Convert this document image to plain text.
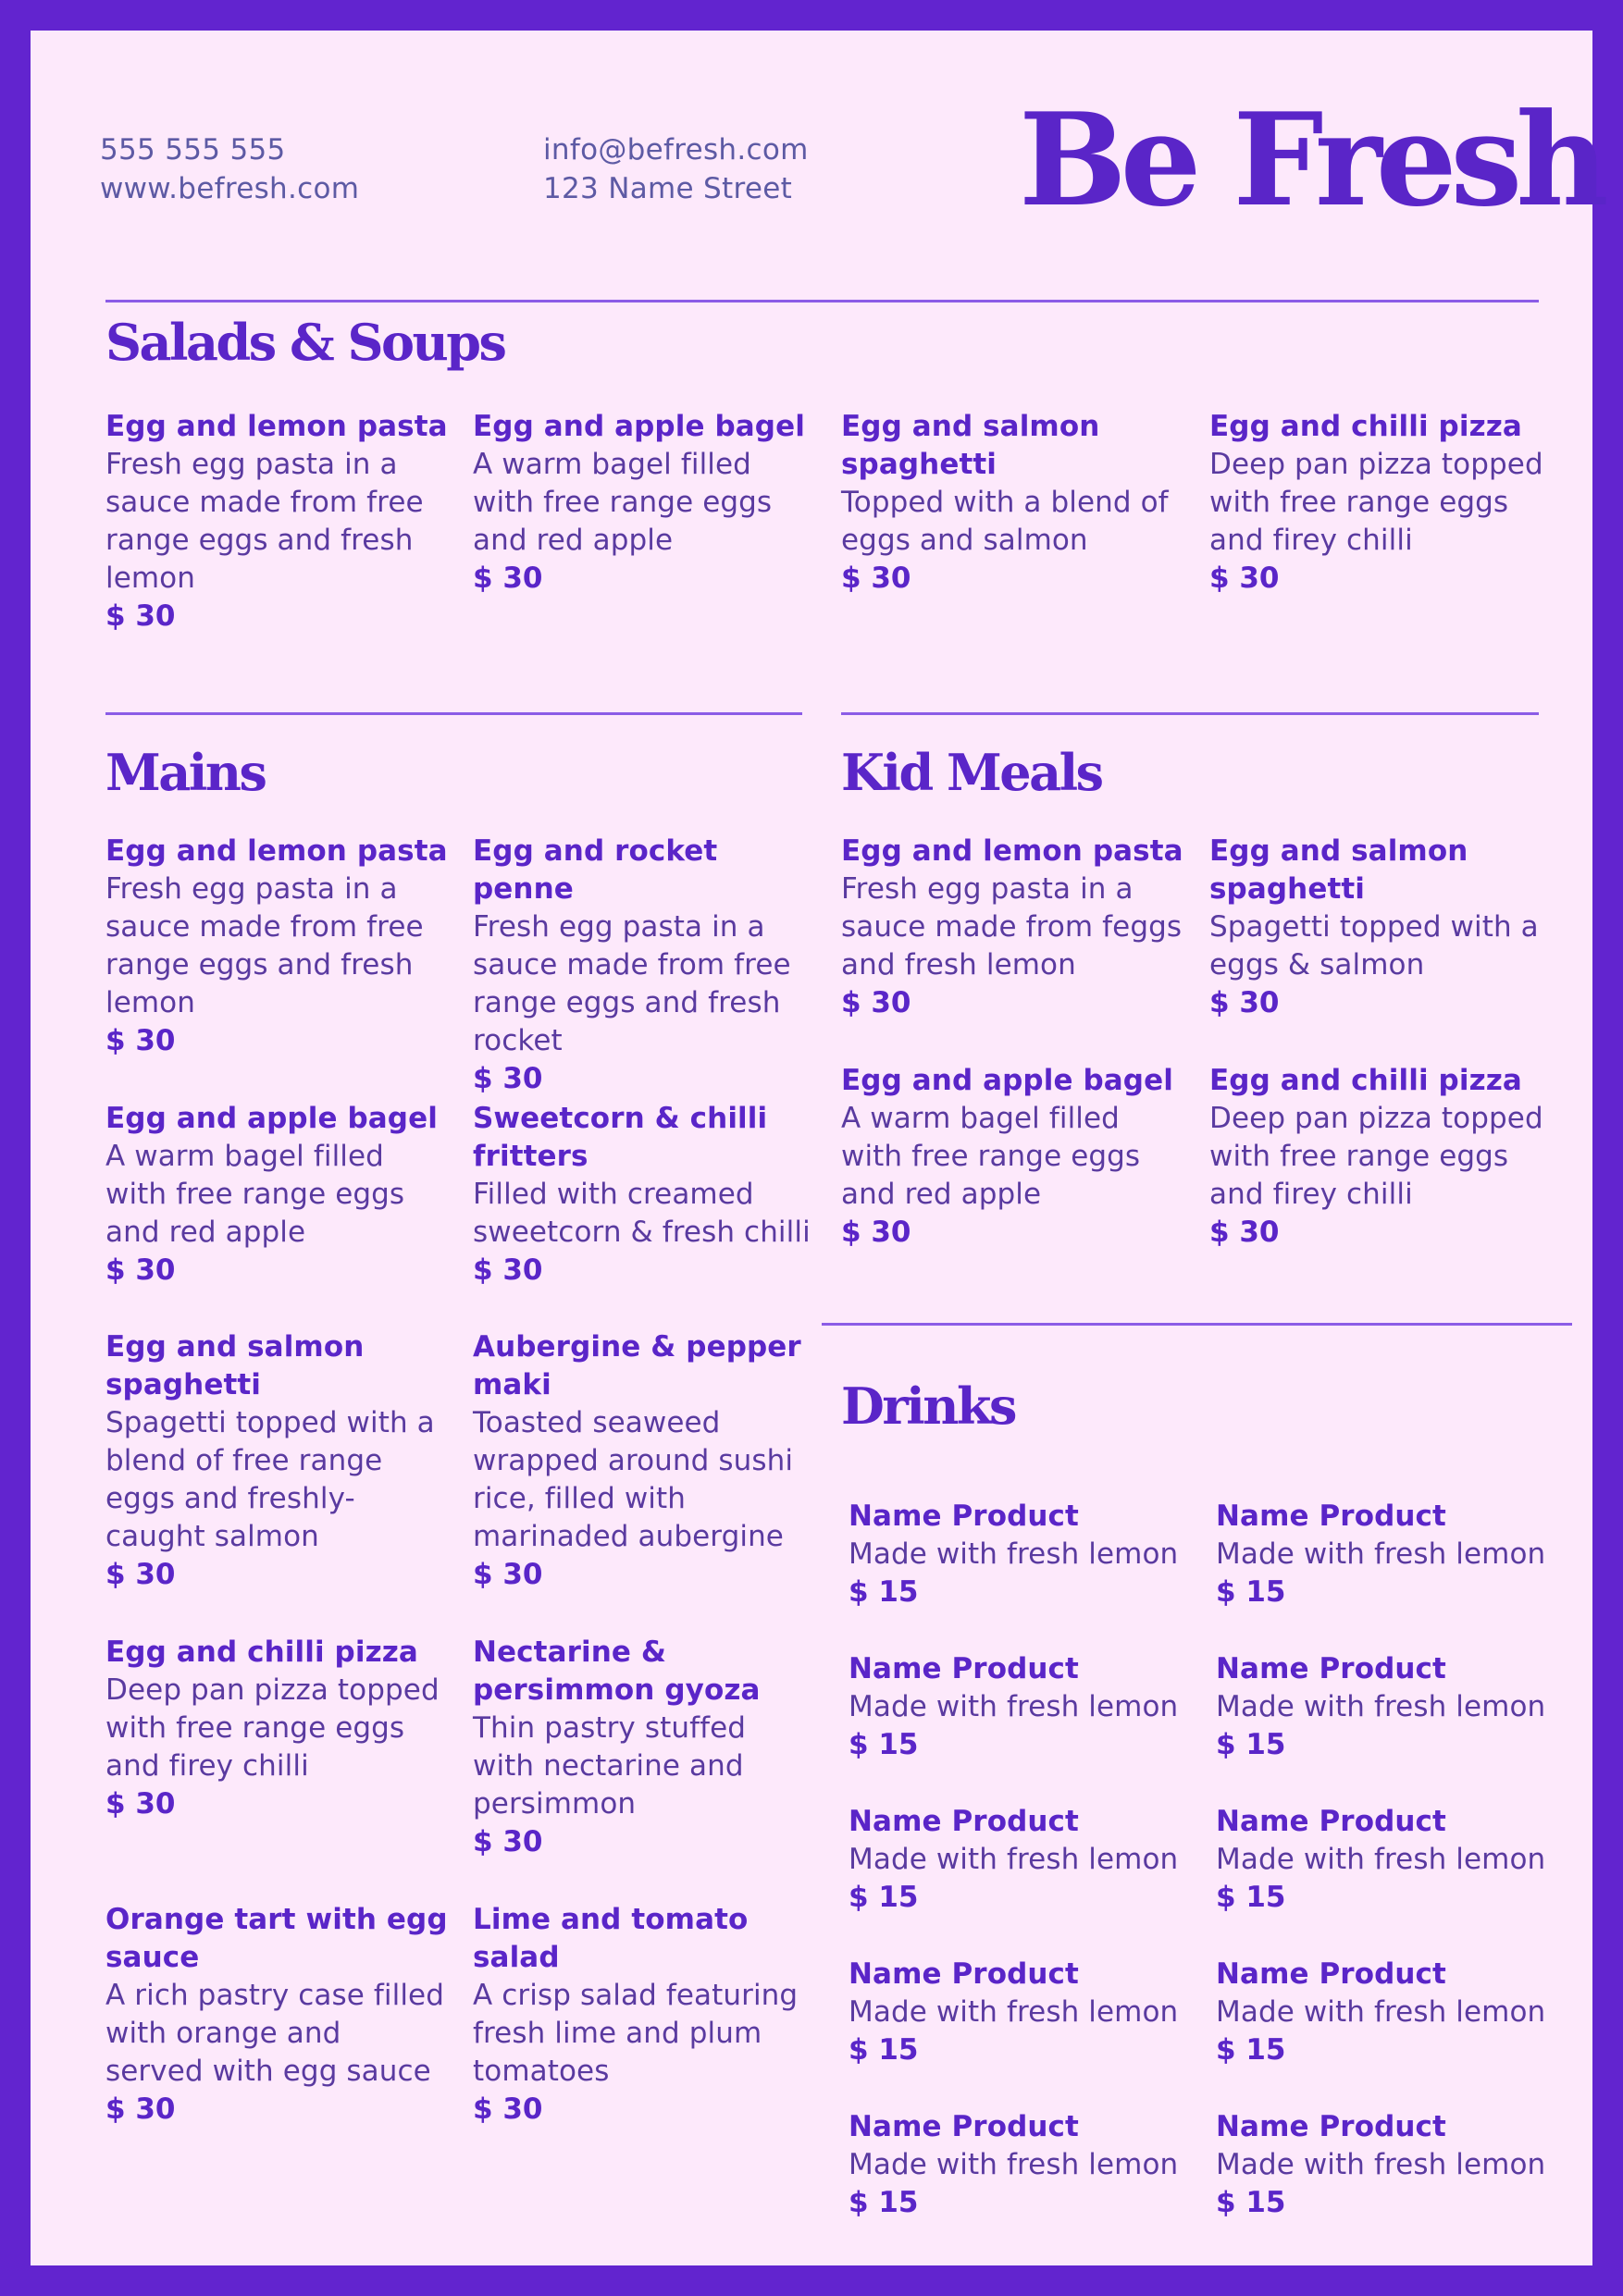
555 555 555
www.befresh.com
info@befresh.com
123 Name Street Be Fresh
Salads & Soups
Mains	Kid Meals
Drinks
Egg and lemon pasta
Fresh egg pasta in a sauce made from free range eggs and fresh lemon
$ 30
Egg and apple bagel
A warm bagel filled with free range eggs and red apple
$ 30
Egg and salmon spaghetti
Topped with a blend of eggs and salmon
$ 30
Egg and chilli pizza
Deep pan pizza topped with free range eggs and firey chilli
$ 30
Egg and lemon pasta
Fresh egg pasta in a sauce made from free range eggs and fresh lemon
$ 30
Egg and rocket penne
Fresh egg pasta in a sauce made from free range eggs and fresh rocket
$ 30
Egg and apple bagel
A warm bagel filled with free range eggs and red apple
$ 30
Sweetcorn & chilli fritters
Filled with creamed sweetcorn & fresh chilli
$ 30
Egg and salmon spaghetti
Spagetti topped with a blend of free range eggs and freshly-caught salmon
$ 30
Aubergine & pepper maki
Toasted seaweed wrapped around sushi rice, filled with marinaded aubergine
$ 30
Egg and chilli pizza
Deep pan pizza topped with free range eggs and firey chilli
$ 30
Nectarine & persimmon gyoza
Thin pastry stuffed with nectarine and persimmon
$ 30
Orange tart with egg sauce
A rich pastry case filled with orange and served with egg sauce
$ 30
Lime and tomato salad
A crisp salad featuring fresh lime and plum tomatoes
$ 30
Egg and lemon pasta
Fresh egg pasta in a sauce made from feggs and fresh lemon
$ 30
Egg and salmon spaghetti
Spagetti topped with a eggs & salmon
$ 30
Egg and apple bagel
A warm bagel filled with free range eggs and red apple
$ 30
Egg and chilli pizza
Deep pan pizza topped with free range eggs and firey chilli
$ 30
Name Product
Made with fresh lemon
$ 15
Name Product
Made with fresh lemon
$ 15
Name Product
Made with fresh lemon
$ 15
Name Product
Made with fresh lemon
$ 15
Name Product
Made with fresh lemon
$ 15
Name Product
Made with fresh lemon
$ 15
Name Product
Made with fresh lemon
$ 15
Name Product
Made with fresh lemon
$ 15
Name Product
Made with fresh lemon
$ 15
Name Product
Made with fresh lemon
$ 15
